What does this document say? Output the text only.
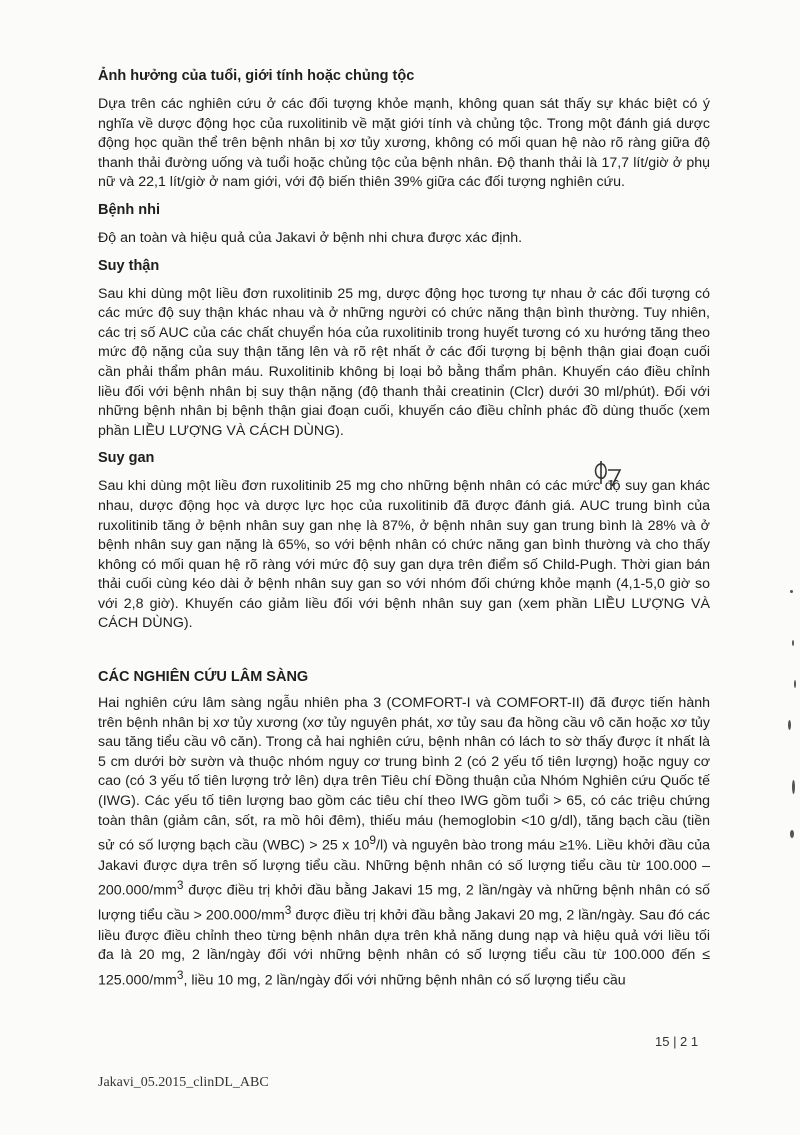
Ảnh hưởng của tuổi, giới tính hoặc chủng tộc

Dựa trên các nghiên cứu ở các đối tượng khỏe mạnh, không quan sát thấy sự khác biệt có ý nghĩa về dược động học của ruxolitinib về mặt giới tính và chủng tộc. Trong một đánh giá dược động học quần thể trên bệnh nhân bị xơ tủy xương, không có mối quan hệ nào rõ ràng giữa độ thanh thải đường uống và tuổi hoặc chủng tộc của bệnh nhân. Độ thanh thải là 17,7 lít/giờ ở phụ nữ và 22,1 lít/giờ ở nam giới, với độ biến thiên 39% giữa các đối tượng nghiên cứu.

Bệnh nhi

Độ an toàn và hiệu quả của Jakavi ở bệnh nhi chưa được xác định.

Suy thận

Sau khi dùng một liều đơn ruxolitinib 25 mg, dược động học tương tự nhau ở các đối tượng có các mức độ suy thận khác nhau và ở những người có chức năng thận bình thường. Tuy nhiên, các trị số AUC của các chất chuyển hóa của ruxolitinib trong huyết tương có xu hướng tăng theo mức độ nặng của suy thận tăng lên và rõ rệt nhất ở các đối tượng bị bệnh thận giai đoạn cuối cần phải thẩm phân máu. Ruxolitinib không bị loại bỏ bằng thẩm phân. Khuyến cáo điều chỉnh liều đối với bệnh nhân bị suy thận nặng (độ thanh thải creatinin (Clcr) dưới 30 ml/phút). Đối với những bệnh nhân bị bệnh thận giai đoạn cuối, khuyến cáo điều chỉnh phác đồ dùng thuốc (xem phần LIỀU LƯỢNG VÀ CÁCH DÙNG).

Suy gan

Sau khi dùng một liều đơn ruxolitinib 25 mg cho những bệnh nhân có các mức độ suy gan khác nhau, dược động học và dược lực học của ruxolitinib đã được đánh giá. AUC trung bình của ruxolitinib tăng ở bệnh nhân suy gan nhẹ là 87%, ở bệnh nhân suy gan trung bình là 28% và ở bệnh nhân suy gan nặng là 65%, so với bệnh nhân có chức năng gan bình thường và cho thấy không có mối quan hệ rõ ràng với mức độ suy gan dựa trên điểm số Child-Pugh. Thời gian bán thải cuối cùng kéo dài ở bệnh nhân suy gan so với nhóm đối chứng khỏe mạnh (4,1-5,0 giờ so với 2,8 giờ). Khuyến cáo giảm liều đối với bệnh nhân suy gan (xem phần LIỀU LƯỢNG VÀ CÁCH DÙNG).

CÁC NGHIÊN CỨU LÂM SÀNG

Hai nghiên cứu lâm sàng ngẫu nhiên pha 3 (COMFORT-I và COMFORT-II) đã được tiến hành trên bệnh nhân bị xơ tủy xương (xơ tủy nguyên phát, xơ tủy sau đa hồng cầu vô căn hoặc xơ tủy sau tăng tiểu cầu vô căn). Trong cả hai nghiên cứu, bệnh nhân có lách to sờ thấy được ít nhất là 5 cm dưới bờ sườn và thuộc nhóm nguy cơ trung bình 2 (có 2 yếu tố tiên lượng) hoặc nguy cơ cao (có 3 yếu tố tiên lượng trở lên) dựa trên Tiêu chí Đồng thuận của Nhóm Nghiên cứu Quốc tế (IWG). Các yếu tố tiên lượng bao gồm các tiêu chí theo IWG gồm tuổi > 65, có các triệu chứng toàn thân (giảm cân, sốt, ra mồ hôi đêm), thiếu máu (hemoglobin <10 g/dl), tăng bạch cầu (tiền sử có số lượng bạch cầu (WBC) > 25 x $10^9/l$) và nguyên bào trong máu ≥1%. Liều khởi đầu của Jakavi được dựa trên số lượng tiểu cầu. Những bệnh nhân có số lượng tiểu cầu từ $100.000 - 200.000/mm^3$ được điều trị khởi đầu bằng Jakavi 15 mg, 2 lần/ngày và những bệnh nhân có số lượng tiểu cầu > $200.000/mm^3$ được điều trị khởi đầu bằng Jakavi 20 mg, 2 lần/ngày. Sau đó các liều được điều chỉnh theo từng bệnh nhân dựa trên khả năng dung nạp và hiệu quả với liều tối đa là 20 mg, 2 lần/ngày đối với những bệnh nhân có số lượng tiểu cầu từ 100.000 đến ≤ $125.000/mm^3$, liều 10 mg, 2 lần/ngày đối với những bệnh nhân có số lượng tiểu cầu

15 | 2 1
Jakavi_05.2015_clinDL_ABC
